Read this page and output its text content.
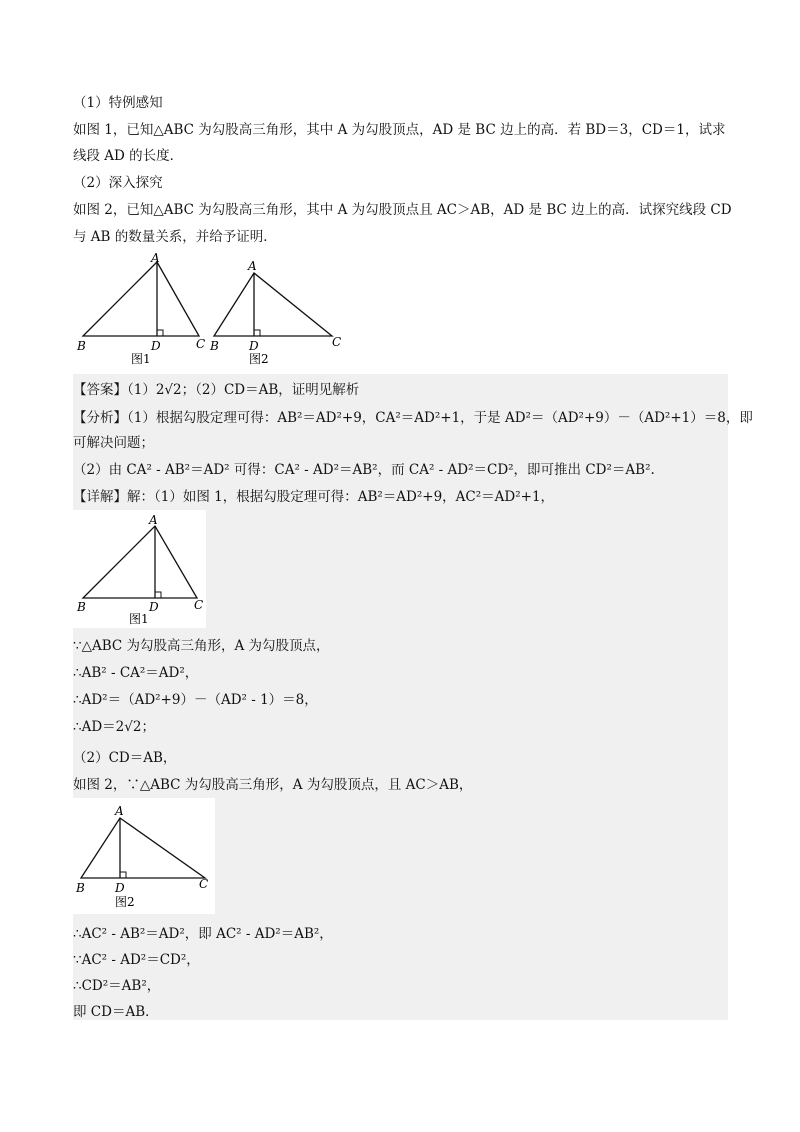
（1）特例感知
如图 1，已知△ABC 为勾股高三角形，其中 A 为勾股顶点，AD 是 BC 边上的高．若 BD＝3，CD＝1，试求
线段 AD 的长度．
（2）深入探究
如图 2，已知△ABC 为勾股高三角形，其中 A 为勾股顶点且 AC＞AB，AD 是 BC 边上的高．试探究线段 CD
与 AB 的数量关系，并给予证明．
A
B	D	C
图1
A
B	D	C
图2
【答案】（1）2√2；（2）CD＝AB，证明见解析
【分析】（1）根据勾股定理可得：AB²＝AD²+9，CA²＝AD²+1，于是 AD²＝（AD²+9）－（AD²+1）＝8，即
可解决问题；
（2）由 CA² - AB²＝AD² 可得：CA² - AD²＝AB²，而 CA² - AD²＝CD²，即可推出 CD²＝AB².
【详解】解：（1）如图 1，根据勾股定理可得：AB²＝AD²+9，AC²＝AD²+1，
A
B	D	C
图1
∵△ABC 为勾股高三角形，A 为勾股顶点，
∴AB² - CA²＝AD²，
∴AD²＝（AD²+9）－（AD² - 1）＝8，
∴AD＝2√2；
（2）CD＝AB，
如图 2，∵△ABC 为勾股高三角形，A 为勾股顶点，且 AC＞AB，
A
B	D	C
图2
∴AC² - AB²＝AD²，即 AC² - AD²＝AB²，
∵AC² - AD²＝CD²，
∴CD²＝AB²，
即 CD＝AB．
